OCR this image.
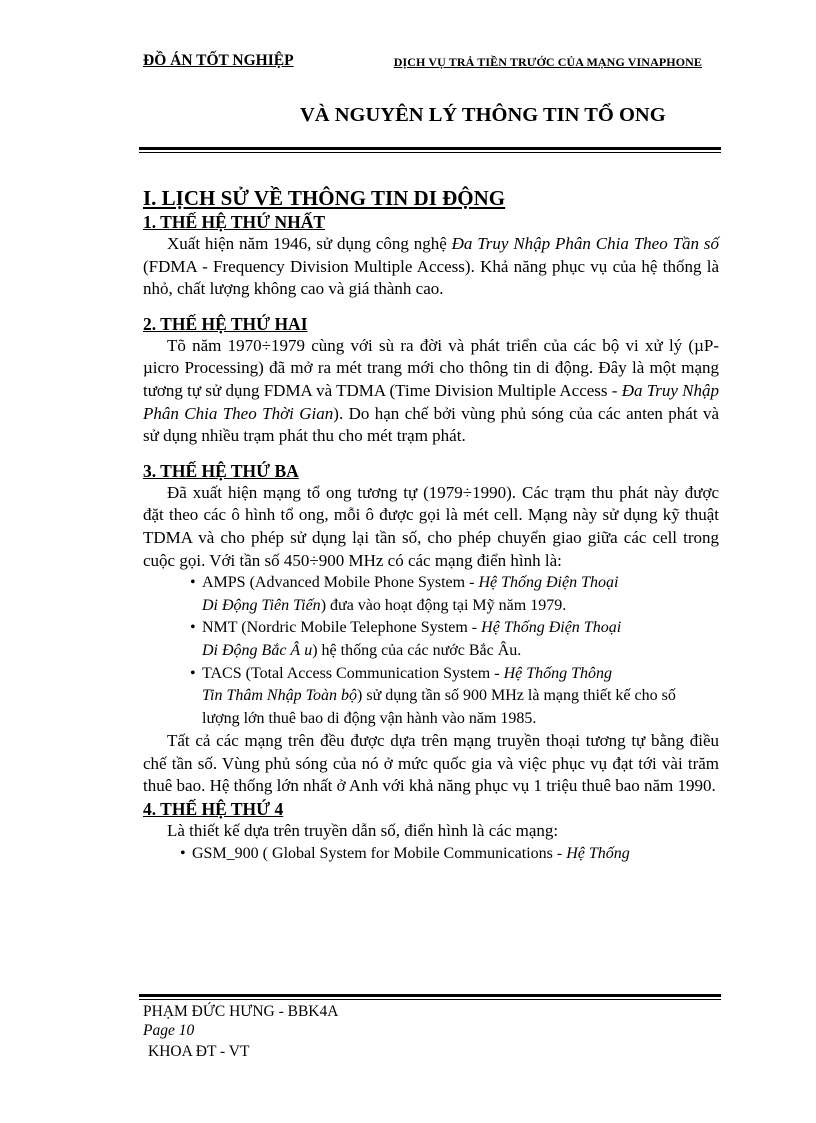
ĐỒ ÁN TỐT NGHIỆP	DỊCH VỤ TRẢ TIỀN TRƯỚC CỦA MẠNG VINAPHONE
VÀ NGUYÊN LÝ THÔNG TIN TỔ ONG
I. LỊCH SỬ VỀ THÔNG TIN DI ĐỘNG
1. THẾ HỆ THỨ NHẤT

Xuất hiện năm 1946, sử dụng công nghệ Đa Truy Nhập Phân Chia Theo Tần số (FDMA - Frequency Division Multiple Access). Khả năng phục vụ của hệ thống là nhỏ, chất lượng không cao và giá thành cao.

2. THẾ HỆ THỨ HAI

Tõ năm 1970÷1979 cùng với sù ra đời và phát triển của các bộ vi xử lý (µP-µicro Processing) đã mở ra mét trang mới cho thông tin di động. Đây là một mạng tương tự sử dụng FDMA và TDMA (Time Division Multiple Access - Đa Truy Nhập Phân Chia Theo Thời Gian). Do hạn chế bởi vùng phủ sóng của các anten phát và sử dụng nhiều trạm phát thu cho mét trạm phát.

3. THẾ HỆ THỨ BA

Đã xuất hiện mạng tổ ong tương tự (1979÷1990). Các trạm thu phát này được đặt theo các ô hình tổ ong, mỗi ô được gọi là mét cell. Mạng này sử dụng kỹ thuật TDMA và cho phép sử dụng lại tần số, cho phép chuyển giao giữa các cell trong cuộc gọi. Với tần số 450÷900 MHz có các mạng điển hình là:

• AMPS (Advanced Mobile Phone System - Hệ Thống Điện Thoại
Di Động Tiên Tiến) đưa vào hoạt động tại Mỹ năm 1979.
• NMT (Nordric Mobile Telephone System - Hệ Thống Điện Thoại
Di Động Bắc Â u) hệ thống của các nước Bắc Âu.
• TACS (Total Access Communication System - Hệ Thống Thông
Tin Thâm Nhập Toàn bộ) sử dụng tần số 900 MHz là mạng thiết kế cho số lượng lớn thuê bao di động vận hành vào năm 1985.

Tất cả các mạng trên đều được dựa trên mạng truyền thoại tương tự bằng điều chế tần số. Vùng phủ sóng của nó ở mức quốc gia và việc phục vụ đạt tới vài trăm thuê bao. Hệ thống lớn nhất ở Anh với khả năng phục vụ 1 triệu thuê bao năm 1990.

4. THẾ HỆ THỨ 4

Là thiết kế dựa trên truyền dẫn số, điển hình là các mạng:

• GSM_900 ( Global System for Mobile Communications - Hệ Thống
PHẠM ĐỨC HƯNG - BBK4A
Page 10
KHOA ĐT - VT
